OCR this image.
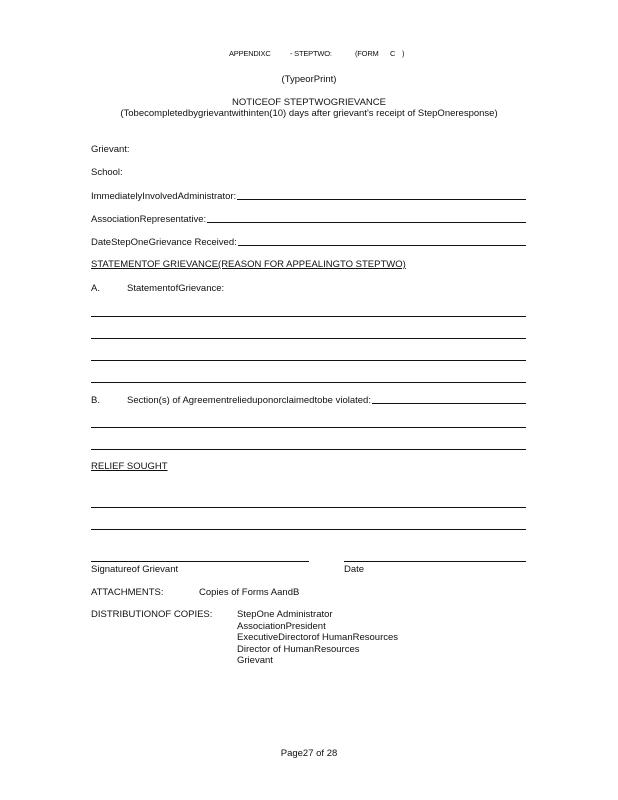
APPENDIXC	- STEPTWO:	(FORM C )
(TypeorPrint)
NOTICEOF STEPTWOGRIEVANCE
(Tobecompletedbygrievantwithinten(10) days after grievant's receipt of StepOneresponse)
Grievant:
School:
ImmediatelyInvolvedAdministrator:
AssociationRepresentative:
DateStepOneGrievance Received:
STATEMENTOF GRIEVANCE(REASON FOR APPEALINGTO STEPTWO)
A.	StatementofGrievance:
B.	Section(s) of Agreementrelieduponorclaimedtobe violated:
RELIEF SOUGHT
Signatureof Grievant	Date
ATTACHMENTS:	Copies of Forms AandB
DISTRIBUTIONOF COPIES:	StepOne Administrator
AssociationPresident
ExecutiveDirectorof HumanResources
Director of HumanResources
Grievant
Page27 of 28
